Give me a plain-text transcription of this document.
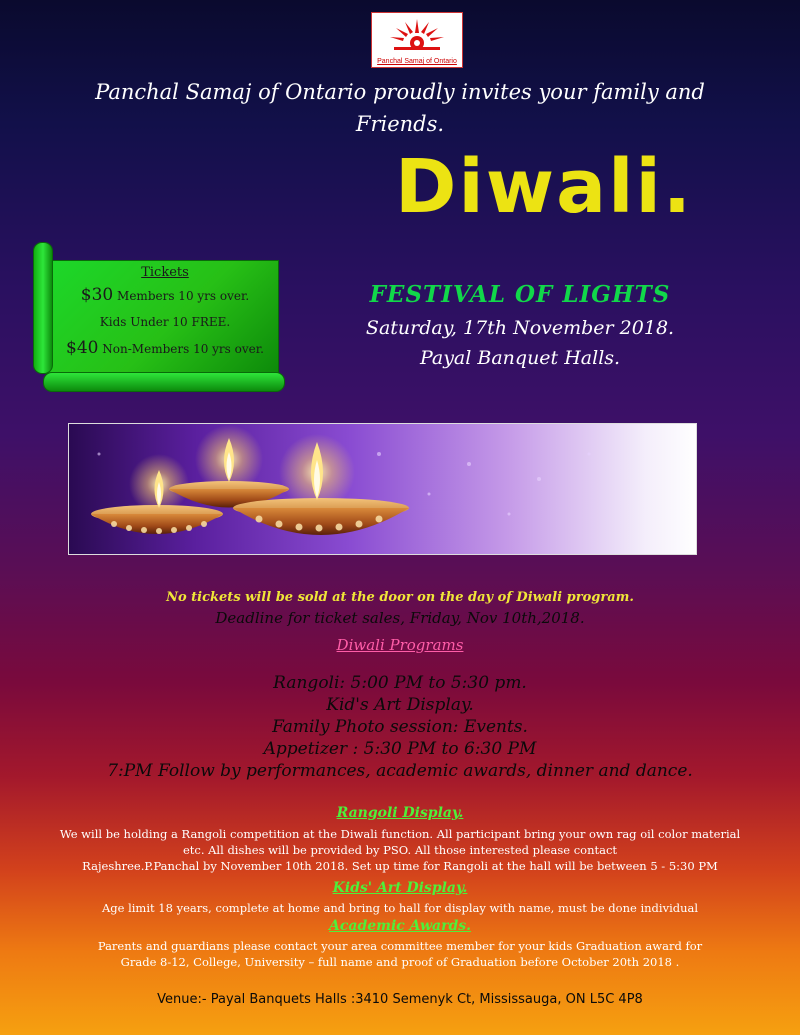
Panchal Samaj of Ontario
Panchal Samaj of Ontario proudly invites your family and
Friends.
Diwali.
Tickets
$30 Members 10 yrs over.
Kids Under 10 FREE.
$40 Non-Members 10 yrs over.
FESTIVAL OF LIGHTS
Saturday, 17th November 2018.
Payal Banquet Halls.
No tickets will be sold at the door on the day of Diwali program.
Deadline for ticket sales, Friday, Nov 10th,2018.
Diwali Programs
Rangoli: 5:00 PM to 5:30 pm.
Kid's Art Display.
Family Photo session: Events.
Appetizer : 5:30 PM to 6:30 PM
7:PM Follow by performances, academic awards, dinner and dance.
Rangoli Display.
We will be holding a Rangoli competition at the Diwali function. All participant bring your own rag oil color material
etc. All dishes will be provided by PSO. All those interested please contact
Rajeshree.P.Panchal by November 10th 2018. Set up time for Rangoli at the hall will be between 5 - 5:30 PM
Kids' Art Display.
Age limit 18 years, complete at home and bring to hall for display with name, must be done individual
Academic Awards.
Parents and guardians please contact your area committee member for your kids Graduation award for
Grade 8-12, College, University – full name and proof of Graduation before October 20th 2018 .
Venue:- Payal Banquets Halls :3410 Semenyk Ct, Mississauga, ON L5C 4P8
